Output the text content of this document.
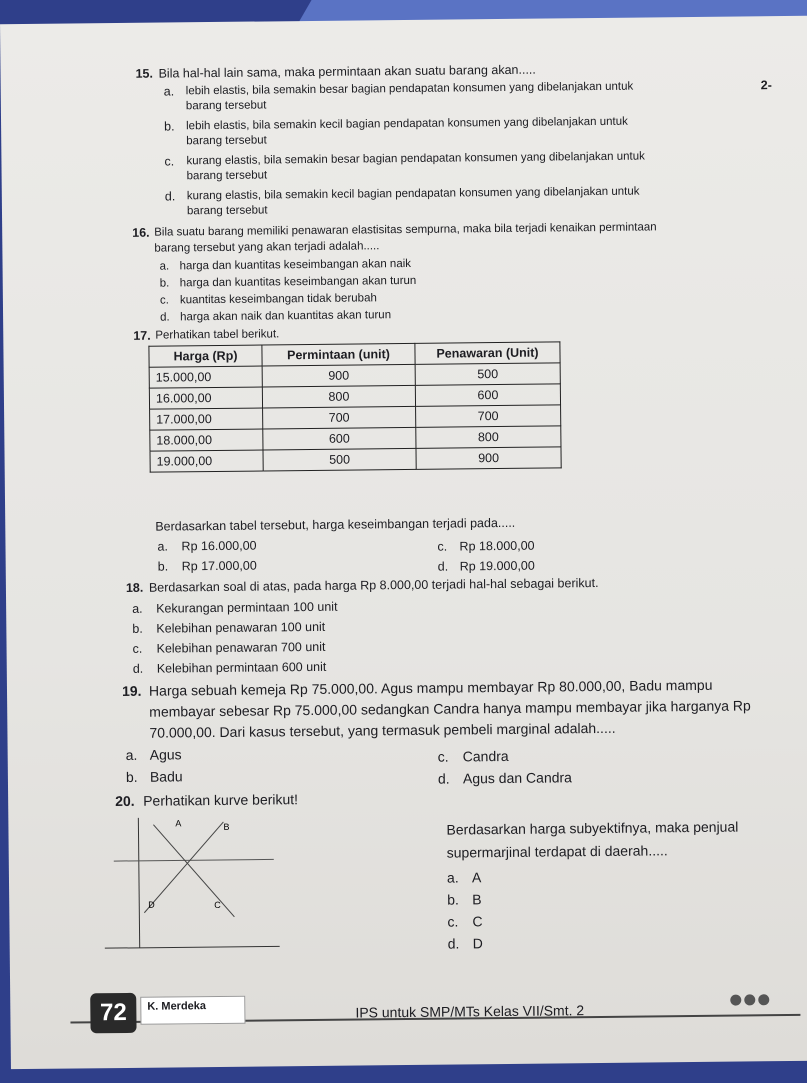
2-
15. Bila hal-hal lain sama, maka permintaan akan suatu barang akan.....
a. lebih elastis, bila semakin besar bagian pendapatan konsumen yang dibelanjakan untuk
barang tersebut
b. lebih elastis, bila semakin kecil bagian pendapatan konsumen yang dibelanjakan untuk
barang tersebut
c. kurang elastis, bila semakin besar bagian pendapatan konsumen yang dibelanjakan untuk
barang tersebut
d. kurang elastis, bila semakin kecil bagian pendapatan konsumen yang dibelanjakan untuk
barang tersebut
16. Bila suatu barang memiliki penawaran elastisitas sempurna, maka bila terjadi kenaikan permintaan
barang tersebut yang akan terjadi adalah.....
a. harga dan kuantitas keseimbangan akan naik
b. harga dan kuantitas keseimbangan akan turun
c. kuantitas keseimbangan tidak berubah
d. harga akan naik dan kuantitas akan turun
17. Perhatikan tabel berikut.
Harga (Rp)	Permintaan (unit)	Penawaran (Unit)
15.000,00	900	500
16.000,00	800	600
17.000,00	700	700
18.000,00	600	800
19.000,00	500	900
Berdasarkan tabel tersebut, harga keseimbangan terjadi pada.....
a. Rp 16.000,00
b. Rp 17.000,00
c. Rp 18.000,00
d. Rp 19.000,00
18. Berdasarkan soal di atas, pada harga Rp 8.000,00 terjadi hal-hal sebagai berikut.
a. Kekurangan permintaan 100 unit
b. Kelebihan penawaran 100 unit
c. Kelebihan penawaran 700 unit
d. Kelebihan permintaan 600 unit
19. Harga sebuah kemeja Rp 75.000,00. Agus mampu membayar Rp 80.000,00, Badu mampu
membayar sebesar Rp 75.000,00 sedangkan Candra hanya mampu membayar jika harganya Rp
70.000,00. Dari kasus tersebut, yang termasuk pembeli marginal adalah.....
a. Agus
b. Badu
c. Candra
d. Agus dan Candra
20. Perhatikan kurve berikut!
A	B
C
D
Berdasarkan harga subyektifnya, maka penjual
supermarjinal terdapat di daerah.....
a. A
b. B
c. C
d. D
72	K. Merdeka	IPS untuk SMP/MTs Kelas VII/Smt. 2
